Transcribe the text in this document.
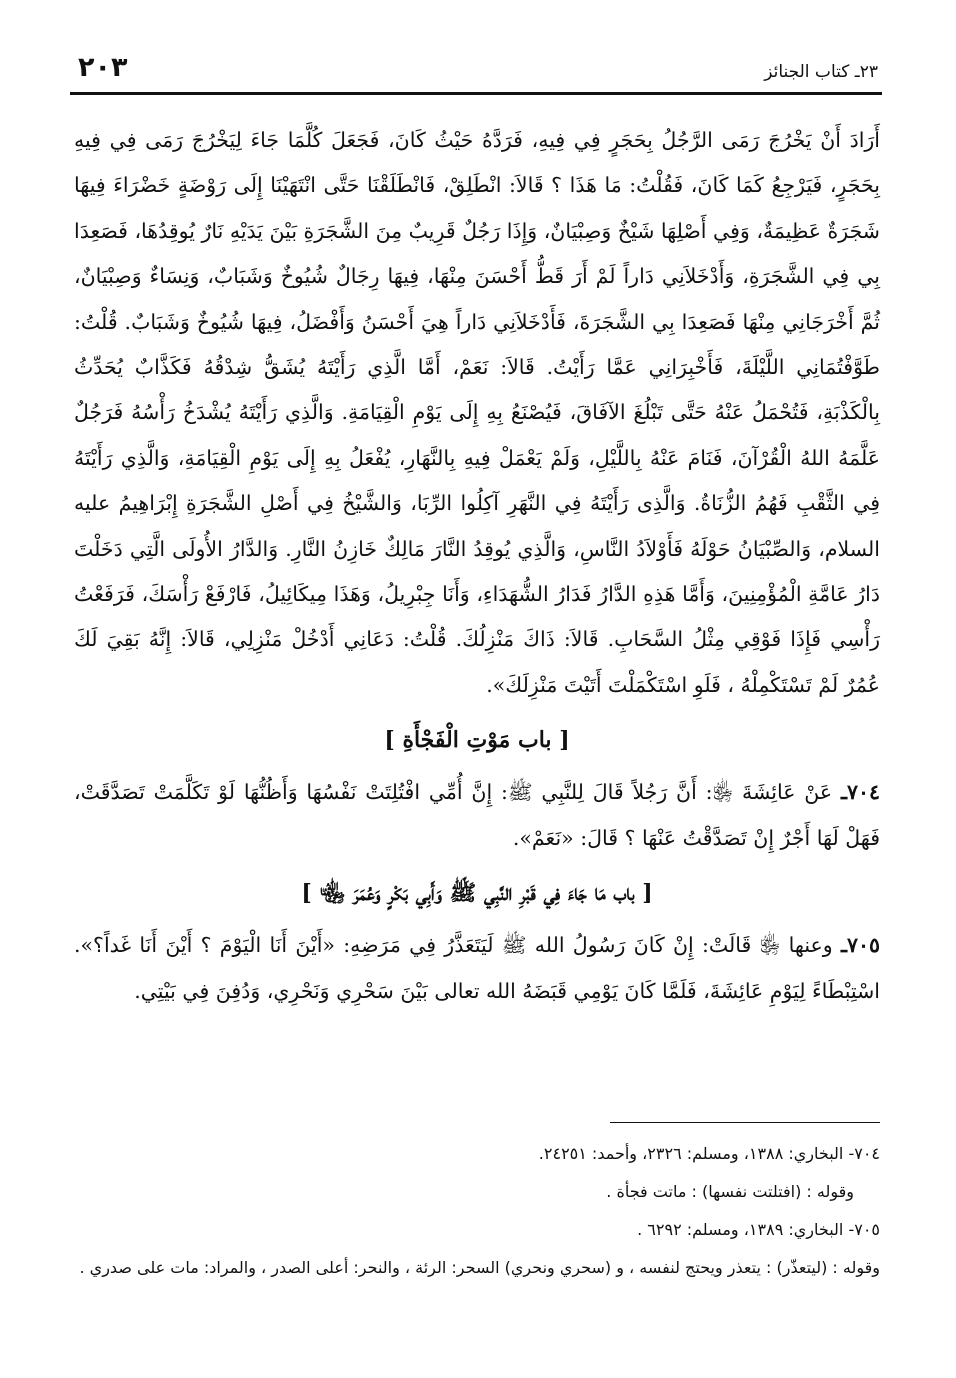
٢٣ـ كتاب الجنائز
٢٠٣

أَرَادَ أَنْ يَخْرُجَ رَمَى الرَّجُلُ بِحَجَرٍ فِي فِيهِ، فَرَدَّهُ حَيْثُ كَانَ، فَجَعَلَ كُلَّمَا جَاءَ لِيَخْرُجَ رَمَى فِي فِيهِ بِحَجَرٍ، فَيَرْجِعُ كَمَا كَانَ، فَقُلْتُ: مَا هَذَا ؟ قَالاَ: انْطَلِقْ، فَانْطَلَقْنَا حَتَّى انْتَهَيْنَا إِلَى رَوْضَةٍ خَضْرَاءَ فِيهَا شَجَرَةٌ عَظِيمَةٌ، وَفِي أَصْلِهَا شَيْخٌ وَصِبْيَانٌ، وَإِذَا رَجُلٌ قَرِيبٌ مِنَ الشَّجَرَةِ بَيْنَ يَدَيْهِ نَارٌ يُوقِدُهَا، فَصَعِدَا بِي فِي الشَّجَرَةِ، وَأَدْخَلاَنِي دَاراً لَمْ أَرَ قَطُّ أَحْسَنَ مِنْهَا، فِيهَا رِجَالٌ شُيُوخٌ وَشَبَابٌ، وَنِسَاءٌ وَصِبْيَانٌ، ثُمَّ أَخْرَجَانِي مِنْهَا فَصَعِدَا بِي الشَّجَرَةَ، فَأَدْخَلاَنِي دَاراً هِيَ أَحْسَنُ وَأَفْضَلُ، فِيهَا شُيُوخٌ وَشَبَابٌ. قُلْتُ: طَوَّفْتُمَانِي اللَّيْلَةَ، فَأَخْبِرَانِي عَمَّا رَأَيْتُ. قَالاَ: نَعَمْ، أَمَّا الَّذِي رَأَيْتَهُ يُشَقُّ شِدْقُهُ فَكَذَّابٌ يُحَدِّثُ بِالْكَذْبَةِ، فَتُحْمَلُ عَنْهُ حَتَّى تَبْلُغَ الآفَاقَ، فَيُصْنَعُ بِهِ إِلَى يَوْمِ الْقِيَامَةِ. وَالَّذِي رَأَيْتَهُ يُشْدَخُ رَأْسُهُ فَرَجُلٌ عَلَّمَهُ اللهُ الْقُرْآنَ، فَنَامَ عَنْهُ بِاللَّيْلِ، وَلَمْ يَعْمَلْ فِيهِ بِالنَّهَارِ، يُفْعَلُ بِهِ إِلَى يَوْمِ الْقِيَامَةِ، وَالَّذِي رَأَيْتَهُ فِي الثَّقْبِ فَهُمُ الزُّنَاةُ. وَالَّذِى رَأَيْتَهُ فِي النَّهَرِ آكِلُوا الرِّبَا، وَالشَّيْخُ فِي أَصْلِ الشَّجَرَةِ إِبْرَاهِيمُ عليه السلام، وَالصِّبْيَانُ حَوْلَهُ فَأَوْلاَدُ النَّاسِ، وَالَّذِي يُوقِدُ النَّارَ مَالِكٌ خَازِنُ النَّارِ. وَالدَّارُ الأُولَى الَّتِي دَخَلْتَ دَارُ عَامَّةِ الْمُؤْمِنِينَ، وَأَمَّا هَذِهِ الدَّارُ فَدَارُ الشُّهَدَاءِ، وَأَنَا جِبْرِيلُ، وَهَذَا مِيكَائِيلُ، فَارْفَعْ رَأْسَكَ، فَرَفَعْتُ رَأْسِي فَإِذَا فَوْقِي مِثْلُ السَّحَابِ. قَالاَ: ذَاكَ مَنْزِلُكَ. قُلْتُ: دَعَانِي أَدْخُلْ مَنْزِلِي، قَالاَ: إِنَّهُ بَقِيَ لَكَ عُمُرٌ لَمْ تَسْتَكْمِلْهُ ، فَلَوِ اسْتَكْمَلْتَ أَتَيْتَ مَنْزِلَكَ».

[ باب مَوْتِ الْفَجْأَةِ ]

٧٠٤ـ عَنْ عَائِشَةَ ﵂: أَنَّ رَجُلاً قَالَ لِلنَّبِي ﷺ: إِنَّ أُمِّي افْتُلِتَتْ نَفْسُهَا وَأَظُنُّهَا لَوْ تَكَلَّمَتْ تَصَدَّقَتْ، فَهَلْ لَهَا أَجْرٌ إِنْ تَصَدَّقْتُ عَنْهَا ؟ قَالَ: «نَعَمْ».

[ باب مَا جَاءَ فِي قَبْرِ النَّبِي ﷺ وَأَبِي بَكْرٍ وَعُمَرَ ﵄ ]

٧٠٥ـ وعنها ﵂ قَالَتْ: إِنْ كَانَ رَسُولُ الله ﷺ لَيَتَعَذَّرُ فِي مَرَضِهِ: «أَيْنَ أَنَا الْيَوْمَ ؟ أَيْنَ أَنَا غَداً؟». اسْتِبْطَاءً لِيَوْمِ عَائِشَةَ، فَلَمَّا كَانَ يَوْمِي قَبَضَهُ الله تعالى بَيْنَ سَحْرِي وَنَحْرِي، وَدُفِنَ فِي بَيْتِي.

٧٠٤- البخاري: ١٣٨٨، ومسلم: ٢٣٢٦، وأحمد: ٢٤٢٥١.

وقوله : (افتلتت نفسها) : ماتت فجأة .

٧٠٥- البخاري: ١٣٨٩، ومسلم: ٦٢٩٢ .

وقوله : (ليتعذّر) : يتعذر ويحتج لنفسه ، و (سحري ونحري) السحر: الرئة ، والنحر: أعلى الصدر ، والمراد: مات على صدري .
